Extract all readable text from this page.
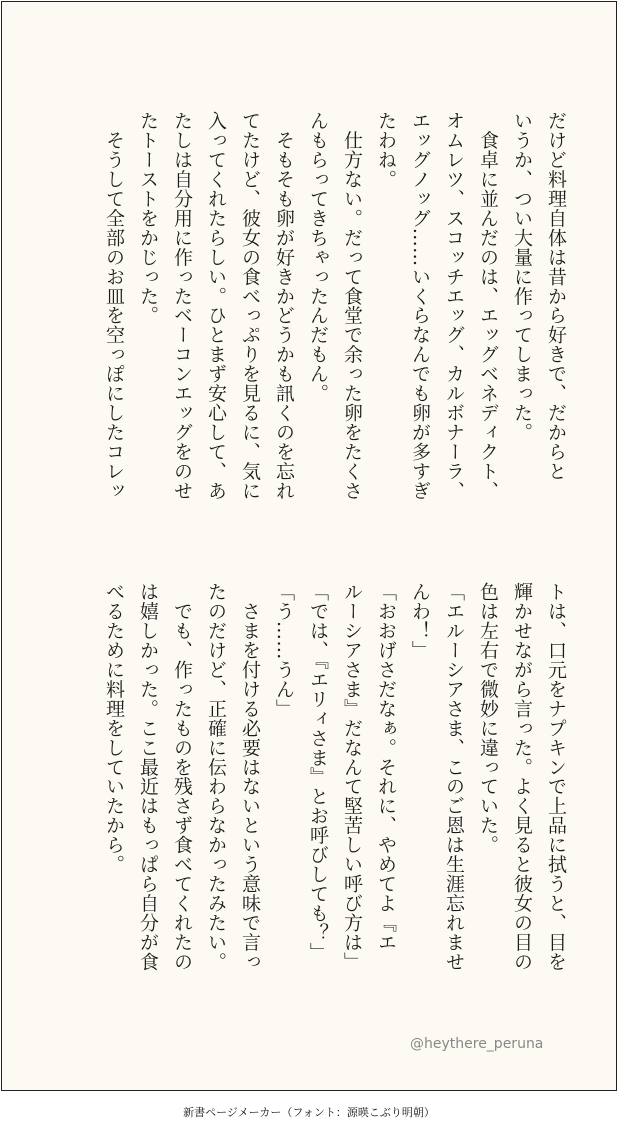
だけど料理自体は昔から好きで、だからと
いうか、つい大量に作ってしまった。
　食卓に並んだのは、エッグベネディクト、
オムレツ、スコッチエッグ、カルボナーラ、
エッグノッグ……いくらなんでも卵が多すぎ
たわね。
　仕方ない。だって食堂で余った卵をたくさ
んもらってきちゃったんだもん。
　そもそも卵が好きかどうかも訊くのを忘れ
てたけど、彼女の食べっぷりを見るに、気に
入ってくれたらしい。ひとまず安心して、あ
たしは自分用に作ったベーコンエッグをのせ
たトーストをかじった。
　そうして全部のお皿を空っぽにしたコレッ
トは、口元をナプキンで上品に拭うと、目を
輝かせながら言った。よく見ると彼女の目の
色は左右で微妙に違っていた。
「エルーシアさま、このご恩は生涯忘れませ
んわ！」
「おおげさだなぁ。それに、やめてよ『エ
ルーシアさま』だなんて堅苦しい呼び方は」
「では、『エリィさま』とお呼びしても？」
「う……うん」
　さまを付ける必要はないという意味で言っ
たのだけど、正確に伝わらなかったみたい。
　でも、作ったものを残さず食べてくれたの
は嬉しかった。ここ最近はもっぱら自分が食
べるために料理をしていたから。
@heythere_peruna
新書ページメーカー（フォント：源暎こぶり明朝）
